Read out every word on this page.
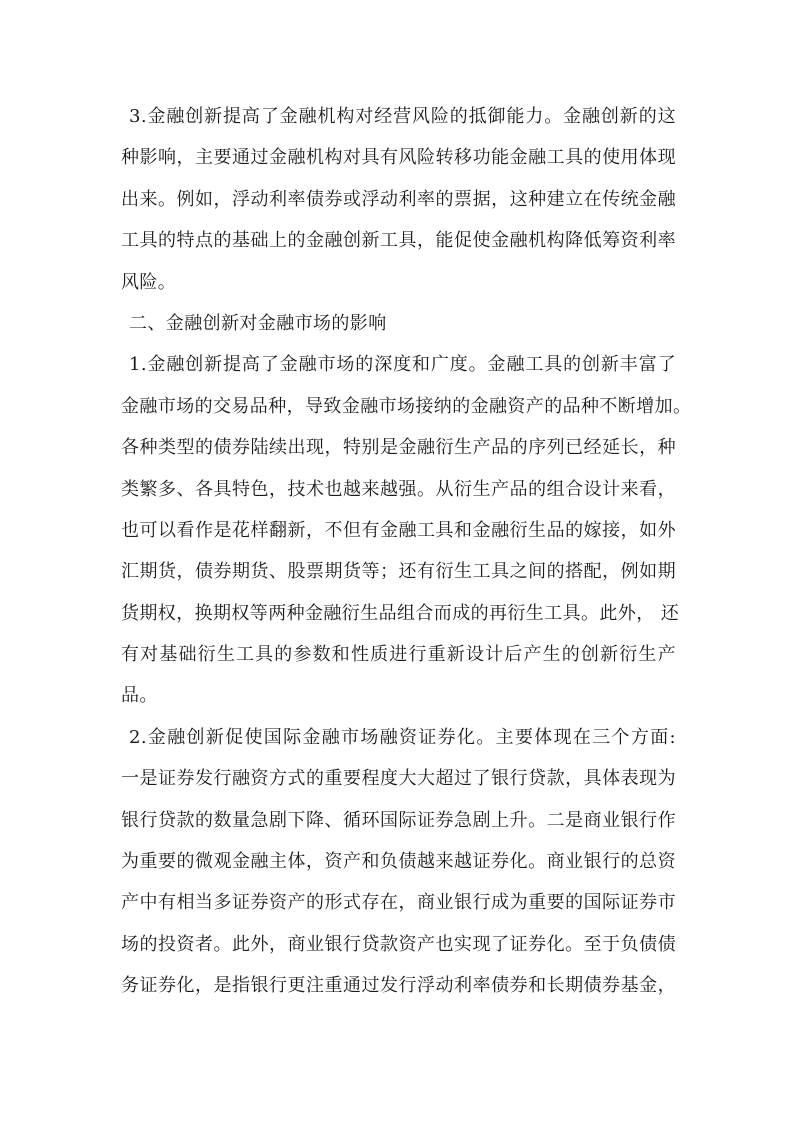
3.金融创新提高了金融机构对经营风险的抵御能力。金融创新的这
种影响，主要通过金融机构对具有风险转移功能金融工具的使用体现
出来。例如，浮动利率债券或浮动利率的票据，这种建立在传统金融
工具的特点的基础上的金融创新工具，能促使金融机构降低筹资利率
风险。
二、金融创新对金融市场的影响
1.金融创新提高了金融市场的深度和广度。金融工具的创新丰富了
金融市场的交易品种，导致金融市场接纳的金融资产的品种不断增加。
各种类型的债券陆续出现，特别是金融衍生产品的序列已经延长，种
类繁多、各具特色，技术也越来越强。从衍生产品的组合设计来看，
也可以看作是花样翻新，不但有金融工具和金融衍生品的嫁接，如外
汇期货，债券期货、股票期货等；还有衍生工具之间的搭配，例如期
货期权，换期权等两种金融衍生品组合而成的再衍生工具。此外， 还
有对基础衍生工具的参数和性质进行重新设计后产生的创新衍生产
品。
2.金融创新促使国际金融市场融资证券化。主要体现在三个方面:
一是证券发行融资方式的重要程度大大超过了银行贷款，具体表现为
银行贷款的数量急剧下降、循环国际证券急剧上升。二是商业银行作
为重要的微观金融主体，资产和负债越来越证券化。商业银行的总资
产中有相当多证券资产的形式存在，商业银行成为重要的国际证券市
场的投资者。此外，商业银行贷款资产也实现了证券化。至于负债债
务证券化，是指银行更注重通过发行浮动利率债券和长期债券基金，
